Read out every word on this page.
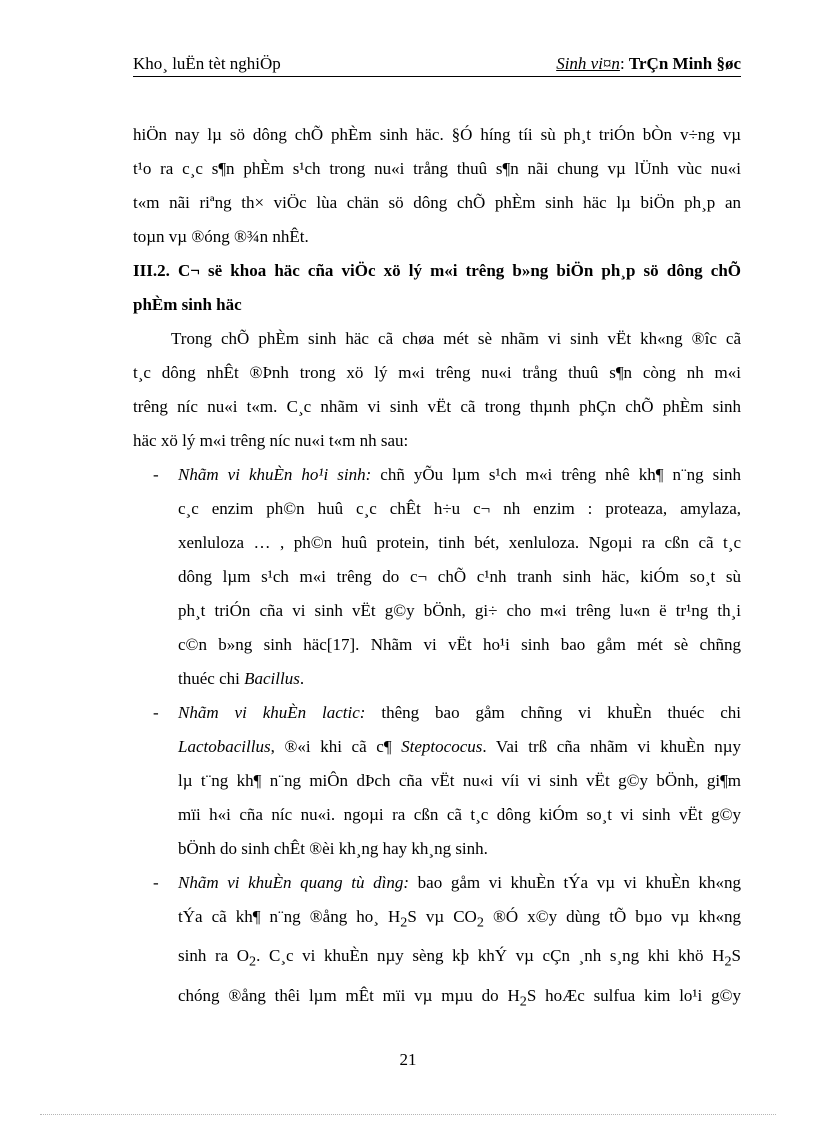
Kho¸ luËn tèt nghiÖp	Sinh vi¤n: TrÇn Minh §øc

hiÖn nay lµ sö dông chÕ phÈm sinh häc. §Ó híng tíi sù ph¸t triÓn bÒn v÷ng vµ
t¹o ra c¸c s¶n phÈm s¹ch trong nu«i trång thuû s¶n nãi chung vµ lÜnh vùc nu«i
t«m nãi riªng th× viÖc lùa chän sö dông chÕ phÈm sinh häc lµ biÖn ph¸p an
toµn vµ ®óng ®¾n nhÊt.

III.2. C¬ së khoa häc cña viÖc xö lý m«i trêng b»ng biÖn ph¸p sö dông chÕ
phÈm sinh häc

Trong chÕ phÈm sinh häc cã chøa mét sè nhãm vi sinh vËt kh«ng ®îc cã
t¸c dông nhÊt ®Þnh trong xö lý m«i trêng nu«i trång thuû s¶n còng nh m«i
trêng níc nu«i t«m. C¸c nhãm vi sinh vËt cã trong thµnh phÇn chÕ phÈm sinh
häc xö lý m«i trêng níc nu«i t«m nh sau:

- Nhãm vi khuÈn ho¹i sinh: chñ yÕu lµm s¹ch m«i trêng nhê kh¶ n¨ng sinh
c¸c enzim ph©n huû c¸c chÊt h÷u c¬ nh enzim : proteaza, amylaza,
xenluloza … , ph©n huû protein, tinh bét, xenluloza. Ngoµi ra cßn cã t¸c
dông lµm s¹ch m«i trêng do c¬ chÕ c¹nh tranh sinh häc, kiÓm so¸t sù
ph¸t triÓn cña vi sinh vËt g©y bÖnh, gi÷ cho m«i trêng lu«n ë tr¹ng th¸i
c©n b»ng sinh häc[17]. Nhãm vi vËt ho¹i sinh bao gåm mét sè chñng
thuéc chi Bacillus.
- Nhãm vi khuÈn lactic: thêng bao gåm chñng vi khuÈn thuéc chi
Lactobacillus, ®«i khi cã c¶ Steptococus. Vai trß cña nhãm vi khuÈn nµy
lµ t¨ng kh¶ n¨ng miÔn dÞch cña vËt nu«i víi vi sinh vËt g©y bÖnh, gi¶m
mïi h«i cña níc nu«i. ngoµi ra cßn cã t¸c dông kiÓm so¸t vi sinh vËt g©y
bÖnh do sinh chÊt ®èi kh¸ng hay kh¸ng sinh.
- Nhãm vi khuÈn quang tù dìng: bao gåm vi khuÈn tÝa vµ vi khuÈn kh«ng
tÝa cã kh¶ n¨ng ®ång ho¸ $H_2S$ vµ $CO_2$ ®Ó x©y dùng tÕ bµo vµ kh«ng
sinh ra $O_2$. C¸c vi khuÈn nµy sèng kþ khÝ vµ cÇn ¸nh s¸ng khi khö $H_2S$
chóng ®ång thêi lµm mÊt mïi vµ mµu do $H_2S$ hoÆc sulfua kim lo¹i g©y
21
